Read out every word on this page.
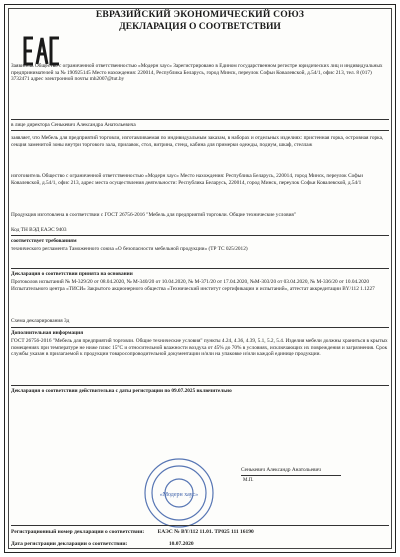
ЕВРАЗИЙСКИЙ ЭКОНОМИЧЕСКИЙ СОЮЗ
ДЕКЛАРАЦИЯ О СООТВЕТСТВИИ
Заявитель Общество с ограниченной ответственностью «Модерн хаус» Зарегистрировано в Едином государственном регистре юридических лиц и индивидуальных предпринимателей за № 190925145 Место нахождения: 220014, Республика Беларусь, город Минск, переулок Софьи Ковалевской, д.54/1, офис 213, тел. 8 (017) 3732471 адрес электронной почты mh2007@tut.by
в лице директора Сенькевич Александра Анатольевича
заявляет, что Мебель для предприятий торговли, изготавливаемая по индивидуальным заказам, в наборах и отдельных изделиях: пристенная горка, островная горка, секция заменитой зоны внутри торгового зала, прилавок, стол, витрина, стенд, кабина для примерки одежды, подиум, шкаф, стеллаж
изготовитель Общество с ограниченной ответственностью «Модерн хаус» Место нахождения: Республика Беларусь, 220014, город Минск, переулок Софьи Ковалевской, д.54/1, офис 213, адрес места осуществления деятельности: Республика Беларусь, 220014, город Минск, переулок Софьи Ковалевской, д.54/1
Продукция изготовлена в соответствии с ГОСТ 26756-2016 "Мебель для предприятий торговли. Общие технические условия"
Код ТН ВЭД ЕАЭС 9403
соответствует требованиям
технического регламента Таможенного союза «О безопасности мебельной продукции» (ТР ТС 025/2012)
Декларация о соответствии принята на основании
Протоколов испытаний № М-329/20 от 08.04.2020, № М-340/20 от 10.04.2020, № М-371/20 от 17.04.2020, №М-303/20 от 03.04.2020, № М-336/20 от 10.04.2020 Испытательного центра «ТИСИ» Закрытого акционерного общества «Технический институт сертификации и испытаний», аттестат аккредитации BY/112 1.1227
Схема декларирования 3д
Дополнительная информация
ГОСТ 26756-2016 "Мебель для предприятий торговли. Общие технические условия" пункты 4.24, 4.36, 4.39, 5.1, 5.2, 5.4. Изделия мебели должны храниться в крытых помещениях при температуре не ниже плюс 15°С и относительной влажности воздуха от 45% до 70% в условиях, исключающих их повреждения и загрязнения. Срок службы указан в прилагаемой к продукции товаросопроводительной документации и/или на упаковке и/или каждой единице продукции.
Декларация о соответствии действительна с даты регистрации по 09.07.2025 включительно
«Модерн хаус»
Сенькевич Александр Анатольевич
М.П.
Регистрационный номер декларации о соответствии: ЕАЭС № BY/112 11.01. ТР025 111 16190
Дата регистрации декларации о соответствии:	10.07.2020
